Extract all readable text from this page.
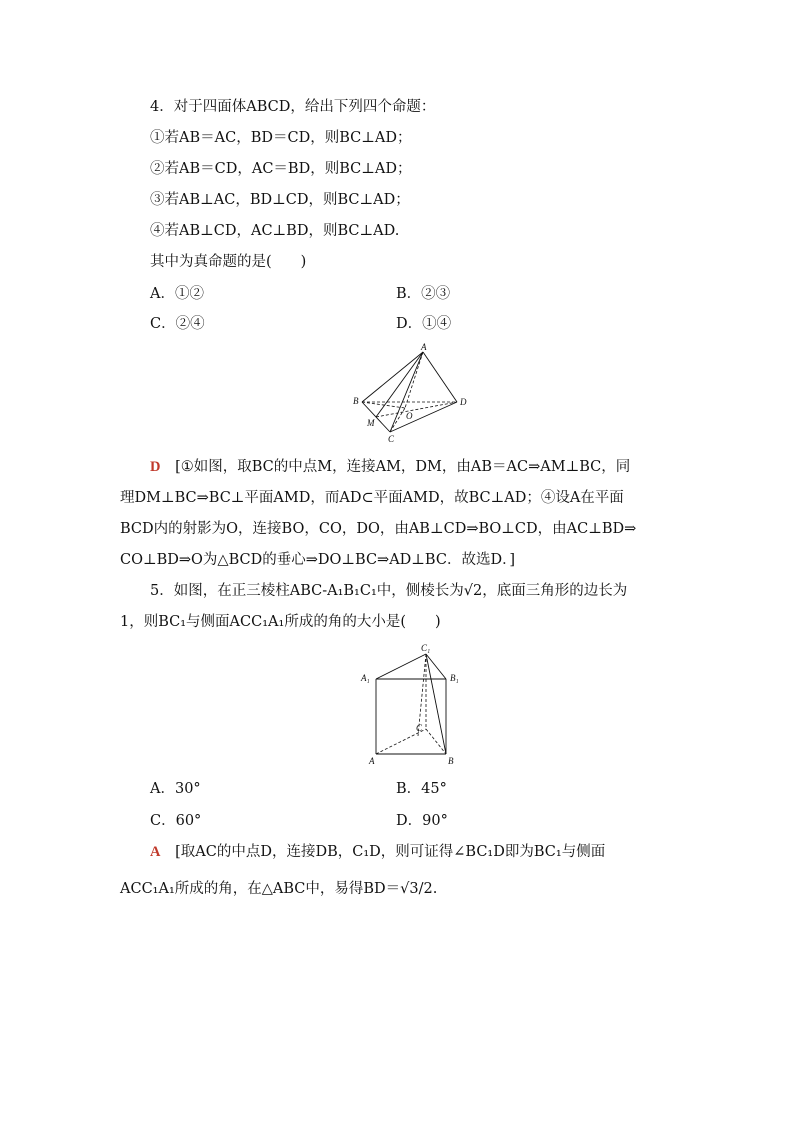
4．对于四面体ABCD，给出下列四个命题：
①若AB＝AC，BD＝CD，则BC⊥AD；
②若AB＝CD，AC＝BD，则BC⊥AD；
③若AB⊥AC，BD⊥CD，则BC⊥AD；
④若AB⊥CD，AC⊥BD，则BC⊥AD.
其中为真命题的是(　　)
A．①②	B．②③
C．②④	D．①④
A
B
C
D
M
O
D [①如图，取BC的中点M，连接AM，DM，由AB＝AC⇒AM⊥BC，同
理DM⊥BC⇒BC⊥平面AMD，而AD⊂平面AMD，故BC⊥AD；④设A在平面
BCD内的射影为O，连接BO，CO，DO，由AB⊥CD⇒BO⊥CD，由AC⊥BD⇒
CO⊥BD⇒O为△BCD的垂心⇒DO⊥BC⇒AD⊥BC．故选D．]
5．如图，在正三棱柱ABC-A₁B₁C₁中，侧棱长为√2，底面三角形的边长为
1，则BC₁与侧面ACC₁A₁所成的角的大小是(　　)
C₁
A₁	B₁
C
A	B
A．30°	B．45°
C．60°	D．90°
A [取AC的中点D，连接DB，C₁D，则可证得∠BC₁D即为BC₁与侧面
ACC₁A₁所成的角，在△ABC中，易得BD＝√3/2.
